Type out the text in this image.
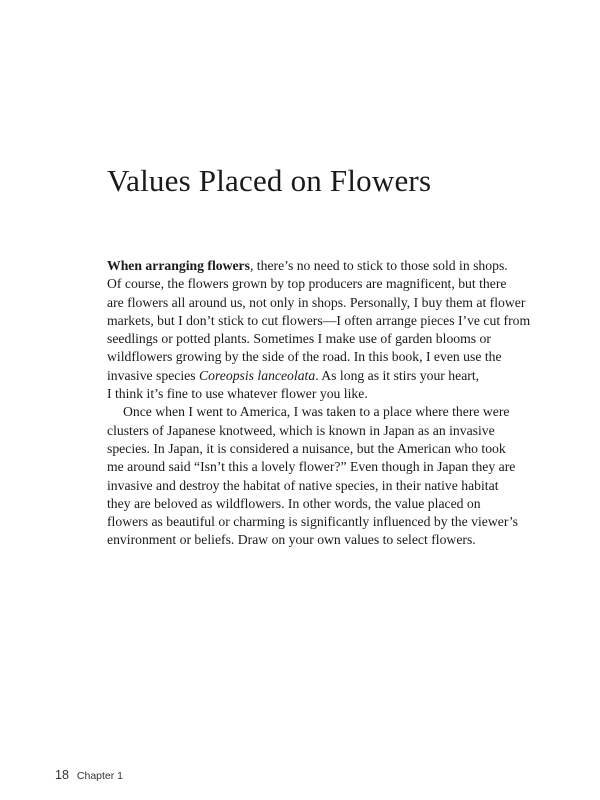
Values Placed on Flowers

When arranging flowers, there’s no need to stick to those sold in shops.

Of course, the flowers grown by top producers are magnificent, but there

are flowers all around us, not only in shops. Personally, I buy them at flower

markets, but I don’t stick to cut flowers—I often arrange pieces I’ve cut from

seedlings or potted plants. Sometimes I make use of garden blooms or

wildflowers growing by the side of the road. In this book, I even use the

invasive species Coreopsis lanceolata. As long as it stirs your heart,

I think it’s fine to use whatever flower you like.

Once when I went to America, I was taken to a place where there were

clusters of Japanese knotweed, which is known in Japan as an invasive

species. In Japan, it is considered a nuisance, but the American who took

me around said “Isn’t this a lovely flower?” Even though in Japan they are

invasive and destroy the habitat of native species, in their native habitat

they are beloved as wildflowers. In other words, the value placed on

flowers as beautiful or charming is significantly influenced by the viewer’s

environment or beliefs. Draw on your own values to select flowers.

18 Chapter 1
